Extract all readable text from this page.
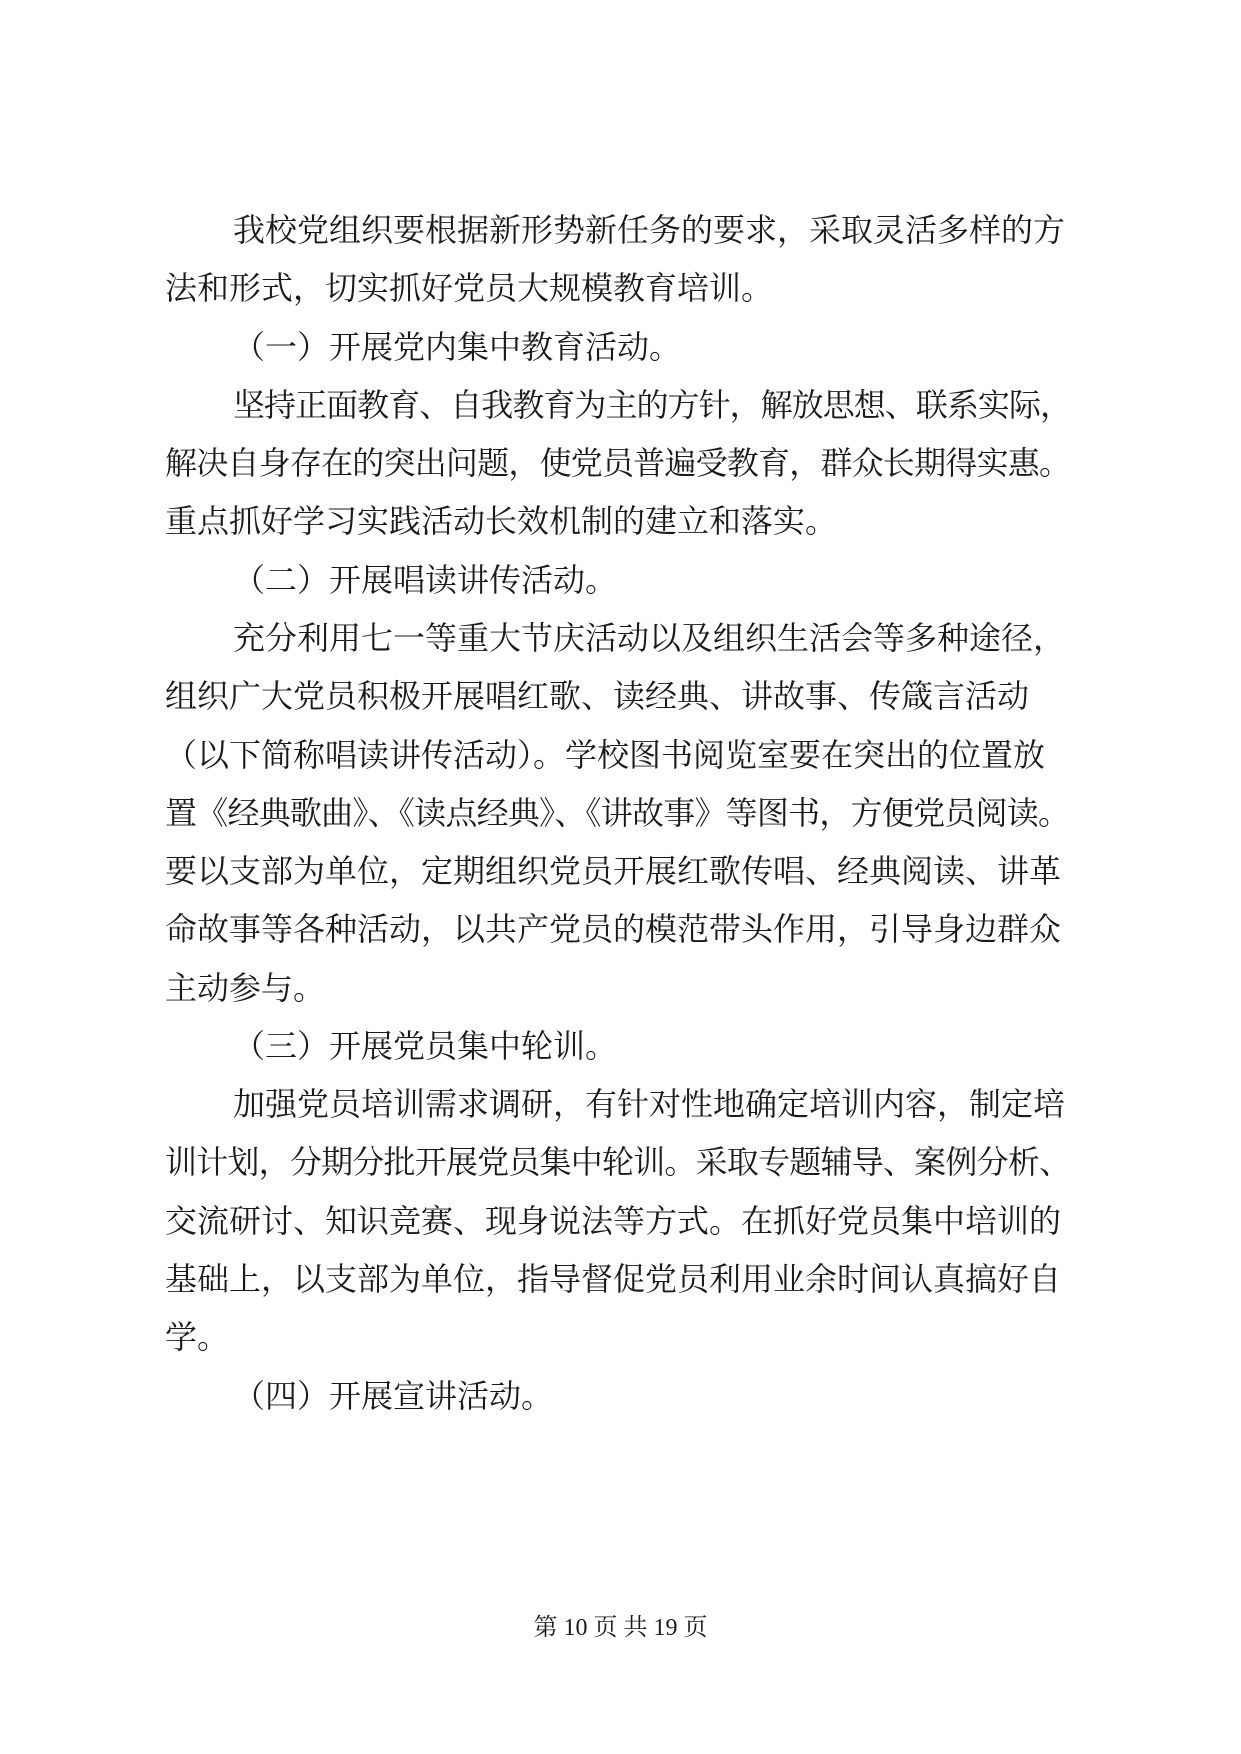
我校党组织要根据新形势新任务的要求，采取灵活多样的方
法和形式，切实抓好党员大规模教育培训。
（一）开展党内集中教育活动。
坚持正面教育、自我教育为主的方针，解放思想、联系实际，
解决自身存在的突出问题，使党员普遍受教育，群众长期得实惠。
重点抓好学习实践活动长效机制的建立和落实。
（二）开展唱读讲传活动。
充分利用七一等重大节庆活动以及组织生活会等多种途径，
组织广大党员积极开展唱红歌、读经典、讲故事、传箴言活动
（以下简称唱读讲传活动）。学校图书阅览室要在突出的位置放
置《经典歌曲》、《读点经典》、《讲故事》等图书，方便党员阅读。
要以支部为单位，定期组织党员开展红歌传唱、经典阅读、讲革
命故事等各种活动，以共产党员的模范带头作用，引导身边群众
主动参与。
（三）开展党员集中轮训。
加强党员培训需求调研，有针对性地确定培训内容，制定培
训计划，分期分批开展党员集中轮训。采取专题辅导、案例分析、
交流研讨、知识竞赛、现身说法等方式。在抓好党员集中培训的
基础上，以支部为单位，指导督促党员利用业余时间认真搞好自
学。
（四）开展宣讲活动。
第 10 页 共 19 页
